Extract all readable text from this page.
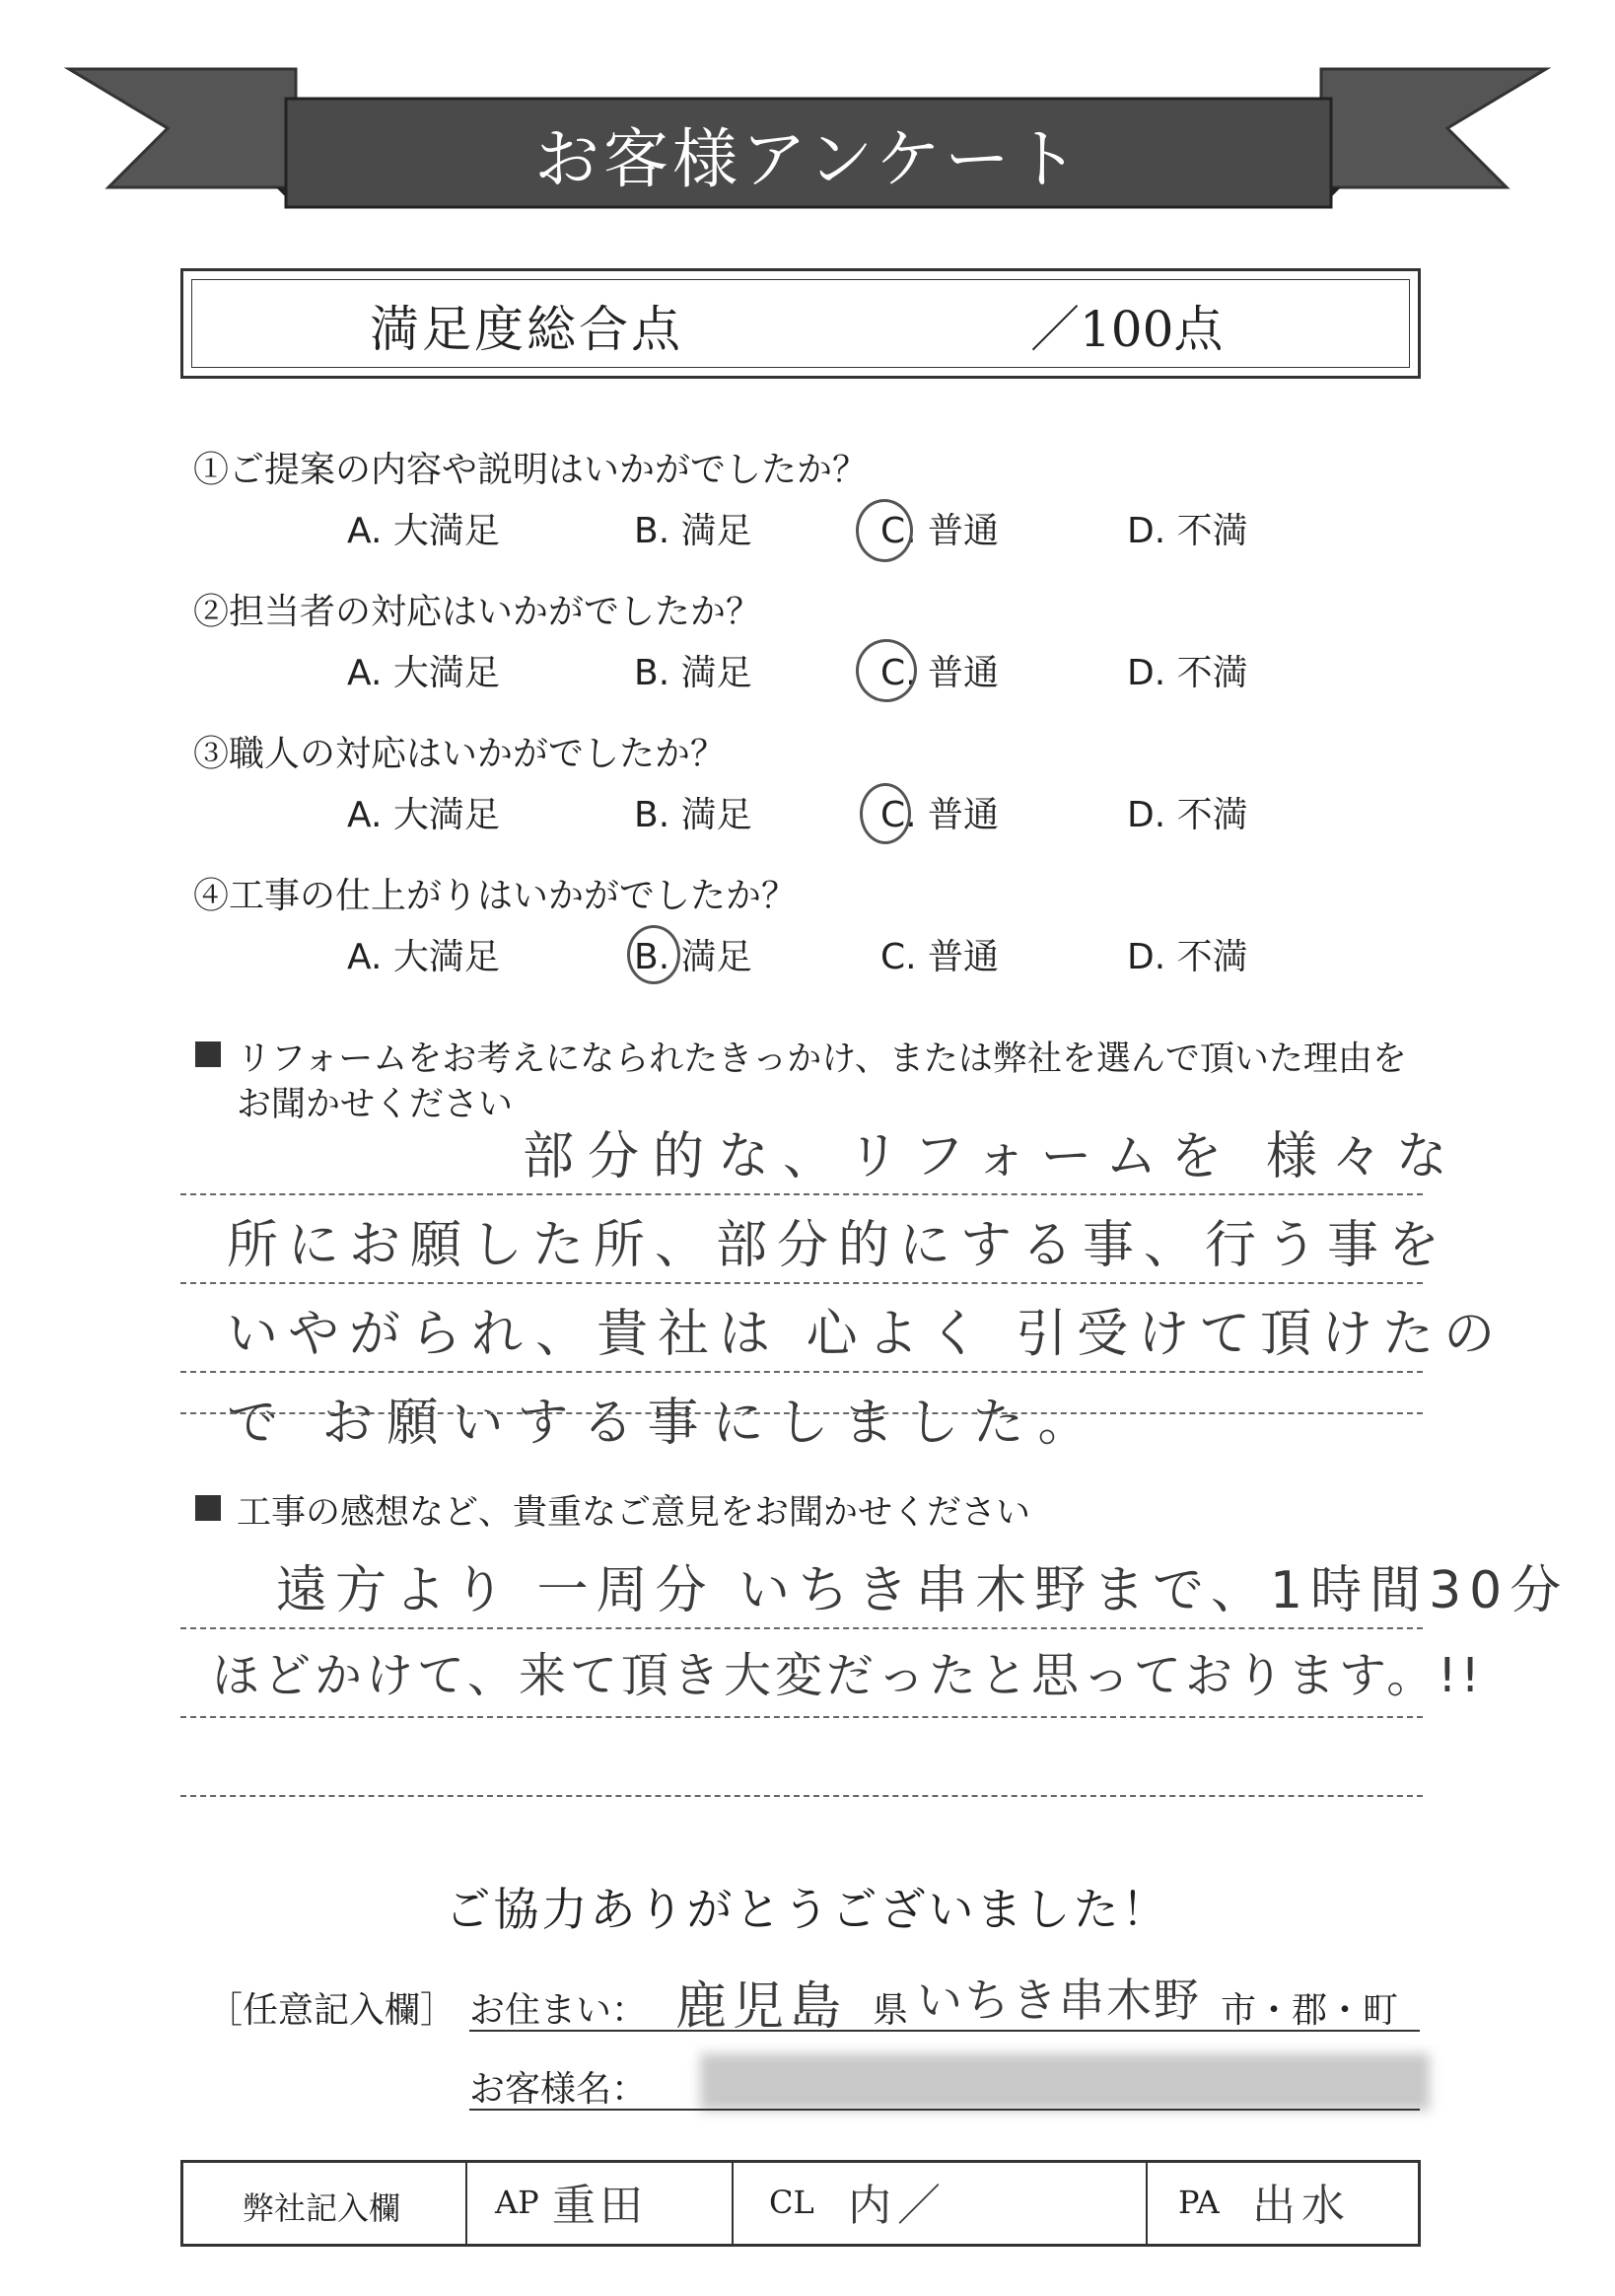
お客様アンケート
満足度総合点	／100点
①ご提案の内容や説明はいかがでしたか？
A. 大満足	B. 満足	C. 普通	D. 不満
②担当者の対応はいかがでしたか？
A. 大満足	B. 満足	C. 普通	D. 不満
③職人の対応はいかがでしたか？
A. 大満足	B. 満足	C. 普通	D. 不満
④工事の仕上がりはいかがでしたか？
A. 大満足	B. 満足	C. 普通	D. 不満
リフォームをお考えになられたきっかけ、または弊社を選んで頂いた理由を
お聞かせください
部分的な、リフォームを 様々な
所にお願した所、部分的にする事、行う事を
いやがられ、貴社は 心よく 引受けて頂けたの
で お願いする事にしました。
工事の感想など、貴重なご意見をお聞かせください
遠方より 一周分 いちき串木野まで、1時間30分
ほどかけて、来て頂き大変だったと思っております。!!
ご協力ありがとうございました！
［任意記入欄］ お住まい： 鹿児島 県 いちき串木野 市・郡・町
お客様名：
弊社記入欄	AP 重田	CL 内／	PA 出水
